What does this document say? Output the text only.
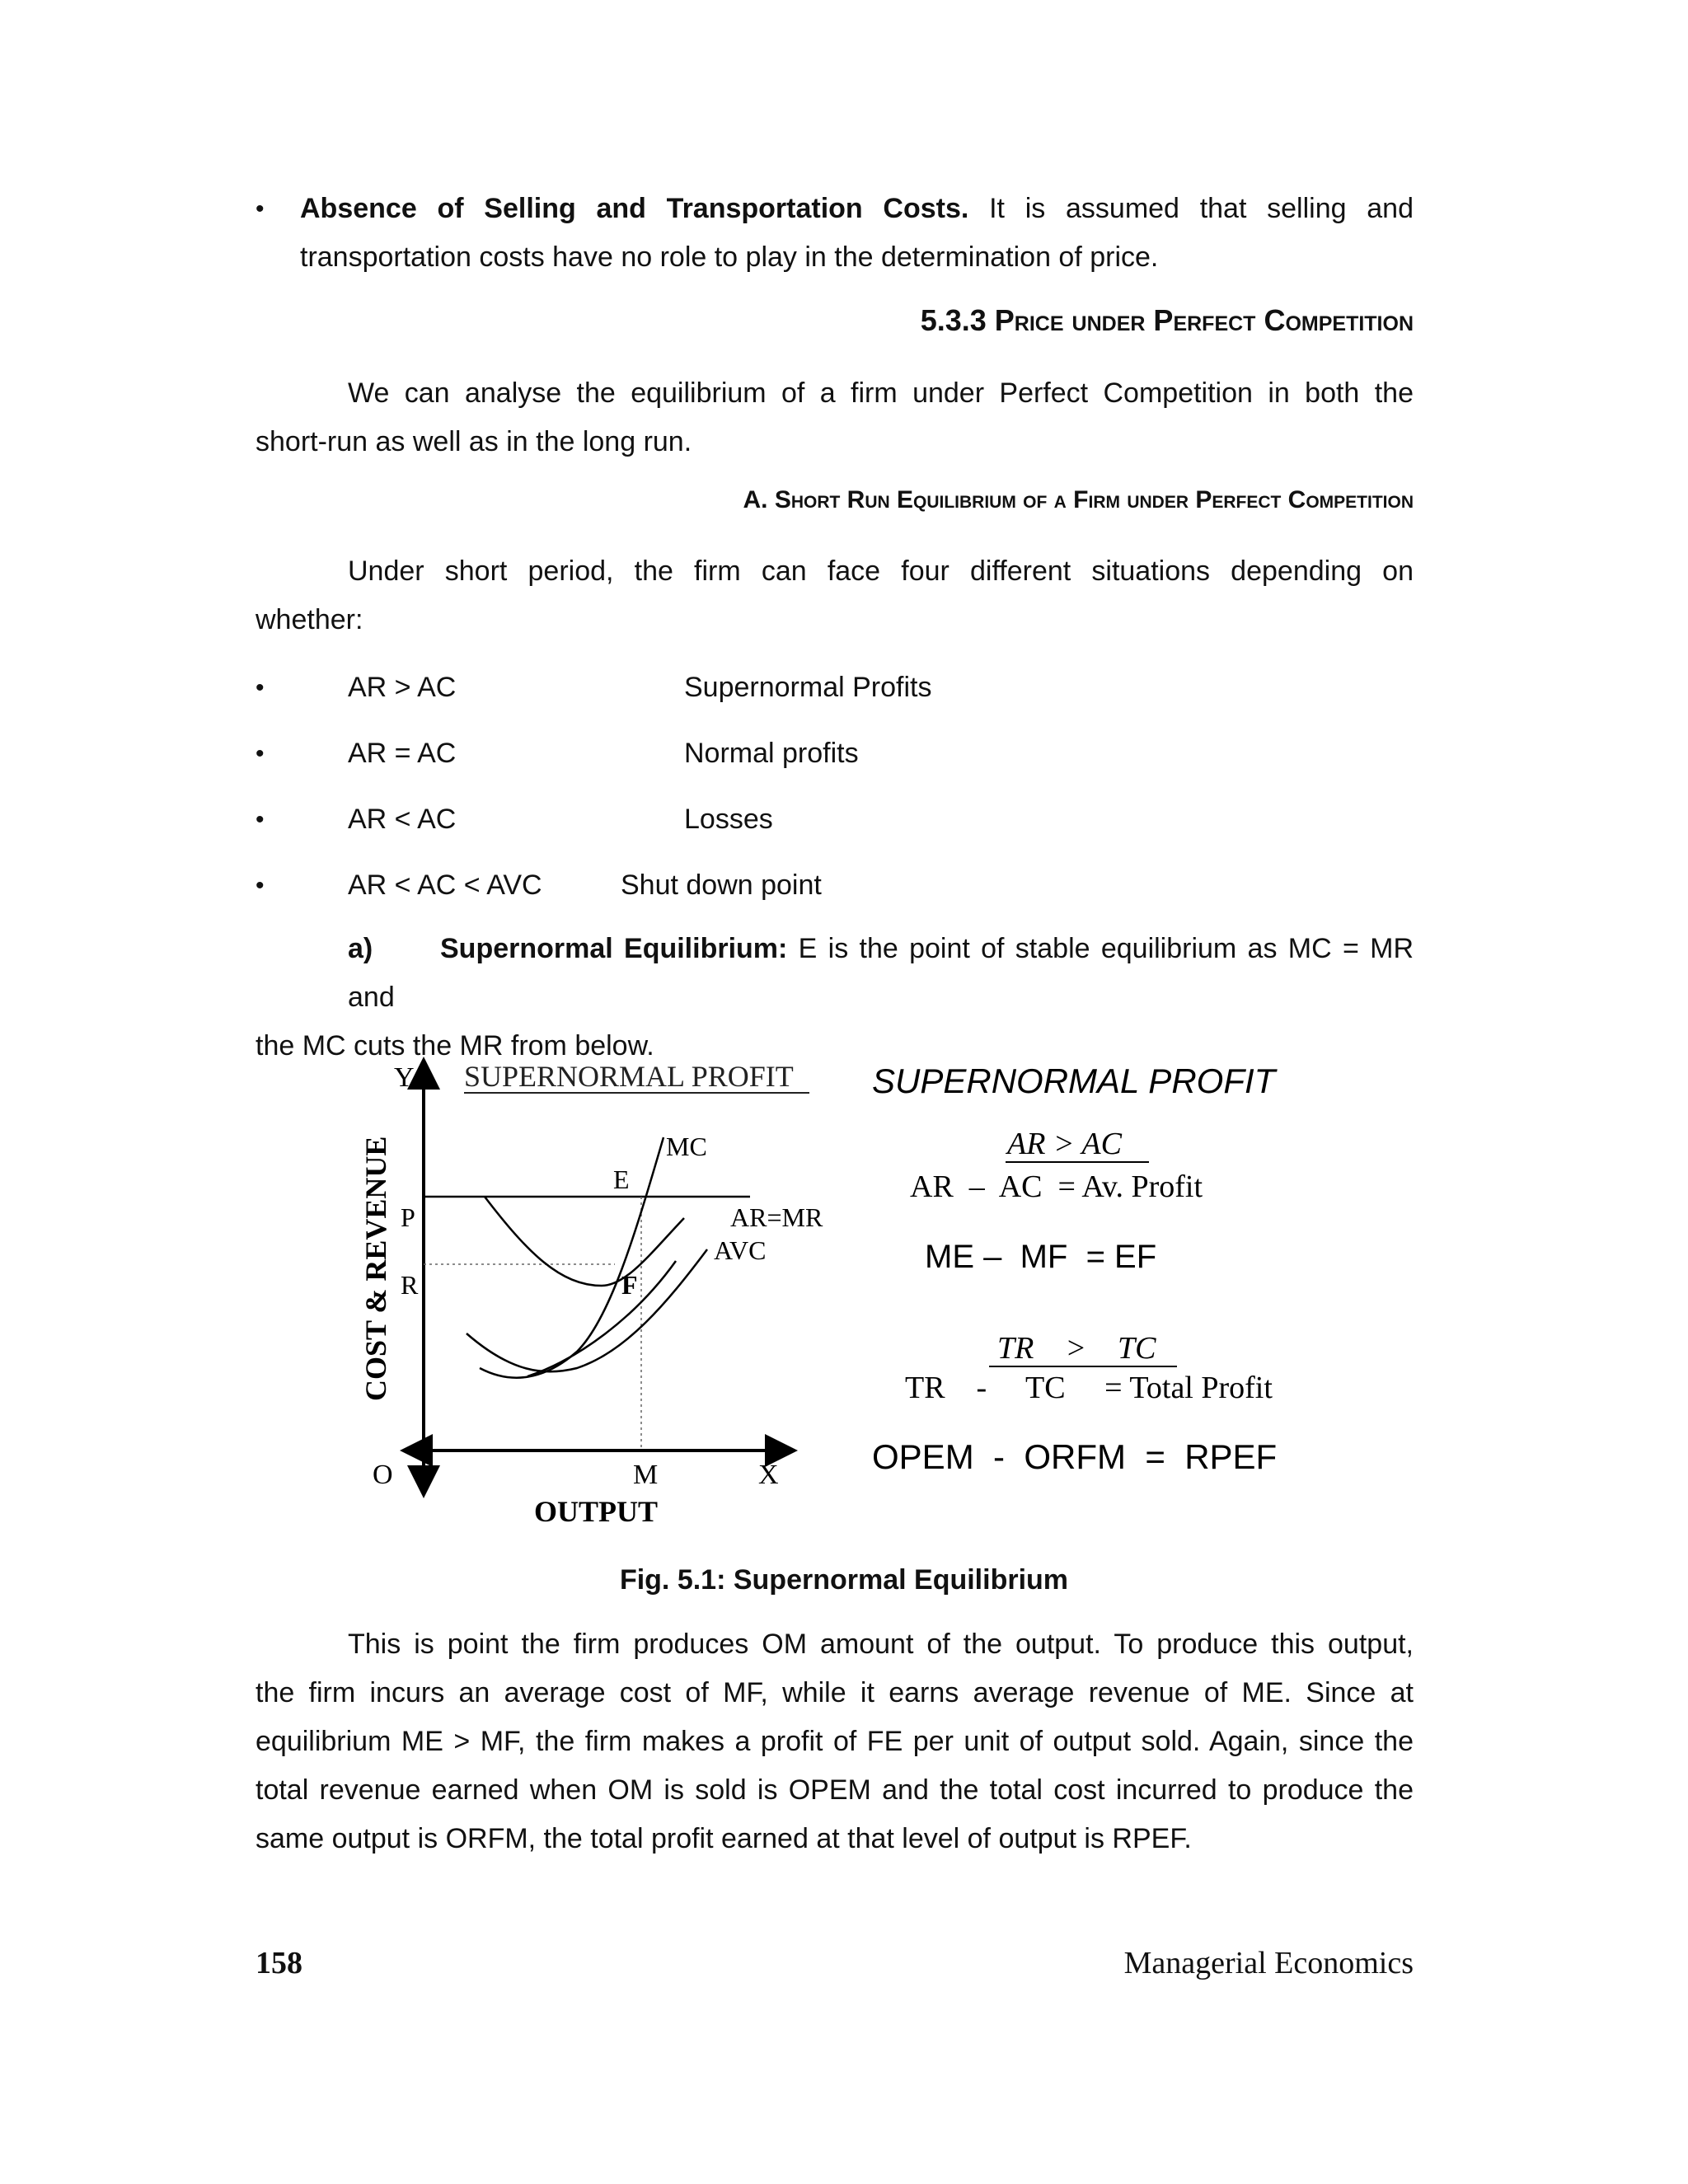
• Absence of Selling and Transportation Costs. It is assumed that selling and
transportation costs have no role to play in the determination of price.
5.3.3 Price under Perfect Competition
We can analyse the equilibrium of a firm under Perfect Competition in both the
short-run as well as in the long run.
A. Short Run Equilibrium of a Firm under Perfect Competition
Under short period, the firm can face four different situations depending on
whether:
•	AR > AC	Supernormal Profits
•	AR = AC	Normal profits
•	AR < AC	Losses
•	AR < AC < AVC	Shut down point
a) Supernormal Equilibrium: E is the point of stable equilibrium as MC = MR and
the MC cuts the MR from below.
SUPERNORMAL PROFIT
Y
O	M	X
P
R
COST & REVENUE
OUTPUT
MC
E
AR=MR
AVC
F
SUPERNORMAL PROFIT
AR > AC
AR  –  AC  = Av. Profit
ME –  MF  = EF
TR    >    TC
TR    -     TC     = Total Profit
OPEM  -  ORFM  =  RPEF
Fig. 5.1: Supernormal Equilibrium
This is point the firm produces OM amount of the output. To produce this output,
the firm incurs an average cost of MF, while it earns average revenue of ME. Since at
equilibrium ME > MF, the firm makes a profit of FE per unit of output sold. Again, since the
total revenue earned when OM is sold is OPEM and the total cost incurred to produce the
same output is ORFM, the total profit earned at that level of output is RPEF.
158	Managerial Economics
